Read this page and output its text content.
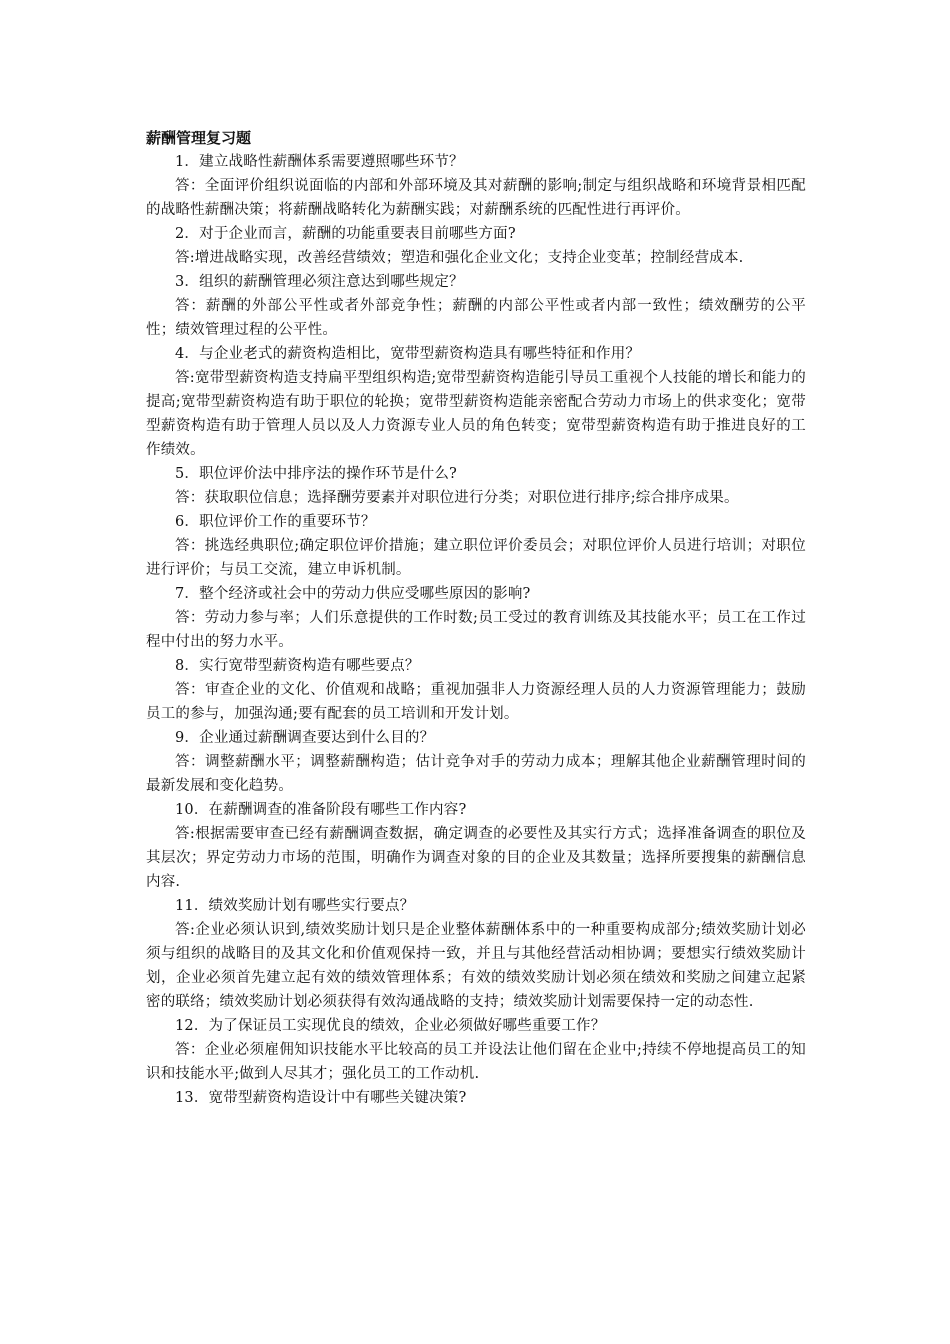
薪酬管理复习题

1．建立战略性薪酬体系需要遵照哪些环节？

答：全面评价组织说面临的内部和外部环境及其对薪酬的影响;制定与组织战略和环境背景相匹配的战略性薪酬决策；将薪酬战略转化为薪酬实践；对薪酬系统的匹配性进行再评价。

2．对于企业而言，薪酬的功能重要表目前哪些方面?

答:增进战略实现，改善经营绩效；塑造和强化企业文化；支持企业变革；控制经营成本.

3．组织的薪酬管理必须注意达到哪些规定？

答：薪酬的外部公平性或者外部竞争性；薪酬的内部公平性或者内部一致性；绩效酬劳的公平性；绩效管理过程的公平性。

4．与企业老式的薪资构造相比，宽带型薪资构造具有哪些特征和作用？

答:宽带型薪资构造支持扁平型组织构造;宽带型薪资构造能引导员工重视个人技能的增长和能力的提高;宽带型薪资构造有助于职位的轮换；宽带型薪资构造能亲密配合劳动力市场上的供求变化；宽带型薪资构造有助于管理人员以及人力资源专业人员的角色转变；宽带型薪资构造有助于推进良好的工作绩效。

5．职位评价法中排序法的操作环节是什么?

答：获取职位信息；选择酬劳要素并对职位进行分类；对职位进行排序;综合排序成果。

6．职位评价工作的重要环节？

答：挑选经典职位;确定职位评价措施；建立职位评价委员会；对职位评价人员进行培训；对职位进行评价；与员工交流，建立申诉机制。

7．整个经济或社会中的劳动力供应受哪些原因的影响?

答：劳动力参与率；人们乐意提供的工作时数;员工受过的教育训练及其技能水平；员工在工作过程中付出的努力水平。

8．实行宽带型薪资构造有哪些要点？

答：审查企业的文化、价值观和战略；重视加强非人力资源经理人员的人力资源管理能力；鼓励员工的参与，加强沟通;要有配套的员工培训和开发计划。

9．企业通过薪酬调查要达到什么目的？

答：调整薪酬水平；调整薪酬构造；估计竞争对手的劳动力成本；理解其他企业薪酬管理时间的最新发展和变化趋势。

10．在薪酬调查的准备阶段有哪些工作内容?

答:根据需要审查已经有薪酬调查数据，确定调查的必要性及其实行方式；选择准备调查的职位及其层次；界定劳动力市场的范围，明确作为调查对象的目的企业及其数量；选择所要搜集的薪酬信息内容.

11．绩效奖励计划有哪些实行要点？

答:企业必须认识到,绩效奖励计划只是企业整体薪酬体系中的一种重要构成部分;绩效奖励计划必须与组织的战略目的及其文化和价值观保持一致，并且与其他经营活动相协调；要想实行绩效奖励计划，企业必须首先建立起有效的绩效管理体系；有效的绩效奖励计划必须在绩效和奖励之间建立起紧密的联络；绩效奖励计划必须获得有效沟通战略的支持；绩效奖励计划需要保持一定的动态性.

12．为了保证员工实现优良的绩效，企业必须做好哪些重要工作？

答：企业必须雇佣知识技能水平比较高的员工并设法让他们留在企业中;持续不停地提高员工的知识和技能水平;做到人尽其才；强化员工的工作动机.

13．宽带型薪资构造设计中有哪些关键决策?
